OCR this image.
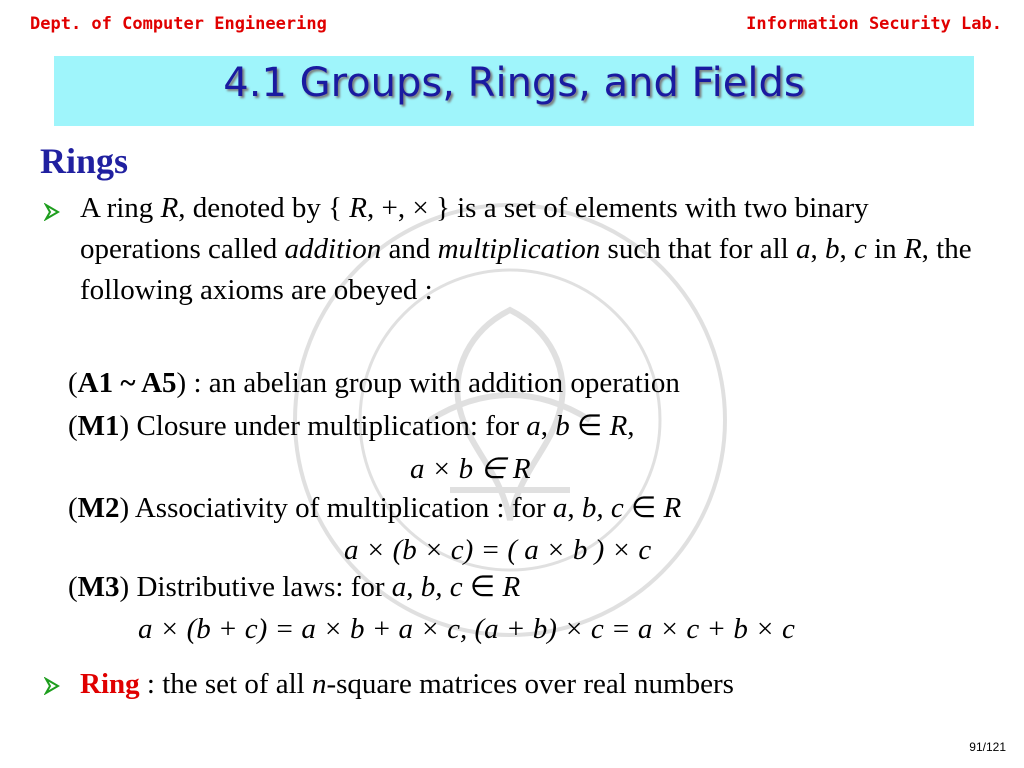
Dept. of Computer Engineering	Information Security Lab.
4.1 Groups, Rings, and Fields
Rings
A ring R, denoted by { R, +, × } is a set of elements with two binary operations called addition and multiplication such that for all a, b, c in R, the following axioms are obeyed :
(A1 ~ A5) : an abelian group with addition operation
(M1) Closure under multiplication: for a, b ∈ R,
a × b ∈ R
(M2) Associativity of multiplication : for a, b, c ∈ R
a × (b × c) = ( a × b ) × c
(M3) Distributive laws: for a, b, c ∈ R
a × (b + c) = a × b + a × c, (a + b) × c = a × c + b × c
Ring : the set of all n-square matrices over real numbers
91/121
